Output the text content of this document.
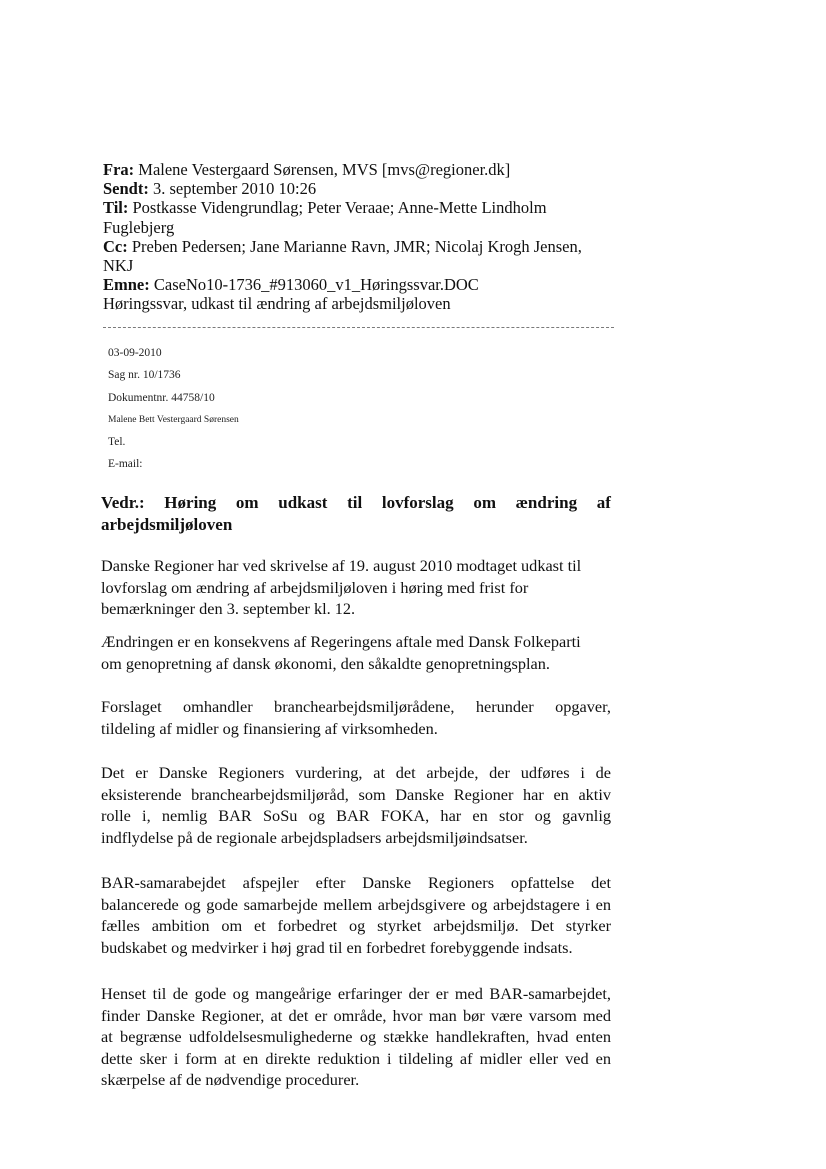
Fra: Malene Vestergaard Sørensen, MVS [mvs@regioner.dk]

Sendt: 3. september 2010 10:26

Til: Postkasse Videngrundlag; Peter Veraae; Anne-Mette Lindholm
Fuglebjerg

Cc: Preben Pedersen; Jane Marianne Ravn, JMR; Nicolaj Krogh Jensen,
NKJ

Emne: CaseNo10-1736_#913060_v1_Høringssvar.DOC

Høringssvar, udkast til ændring af arbejdsmiljøloven

03-09-2010
Sag nr. 10/1736
Dokumentnr. 44758/10
Malene Bett Vestergaard Sørensen
Tel.
E-mail:
Vedr.: Høring om udkast til lovforslag om ændring af
arbejdsmiljøloven
Danske Regioner har ved skrivelse af 19. august 2010 modtaget udkast til
lovforslag om ændring af arbejdsmiljøloven i høring med frist for
bemærkninger den 3. september kl. 12.
Ændringen er en konsekvens af Regeringens aftale med Dansk Folkeparti
om genopretning af dansk økonomi, den såkaldte genopretningsplan.
Forslaget omhandler branchearbejdsmiljørådene, herunder opgaver,
tildeling af midler og finansiering af virksomheden.
Det er Danske Regioners vurdering, at det arbejde, der udføres i de
eksisterende branchearbejdsmiljøråd, som Danske Regioner har en aktiv
rolle i, nemlig BAR SoSu og BAR FOKA, har en stor og gavnlig
indflydelse på de regionale arbejdspladsers arbejdsmiljøindsatser.
BAR-samarabejdet afspejler efter Danske Regioners opfattelse det
balancerede og gode samarbejde mellem arbejdsgivere og arbejdstagere i en
fælles ambition om et forbedret og styrket arbejdsmiljø. Det styrker
budskabet og medvirker i høj grad til en forbedret forebyggende indsats.
Henset til de gode og mangeårige erfaringer der er med BAR-samarbejdet,
finder Danske Regioner, at det er område, hvor man bør være varsom med
at begrænse udfoldelsesmulighederne og stække handlekraften, hvad enten
dette sker i form at en direkte reduktion i tildeling af midler eller ved en
skærpelse af de nødvendige procedurer.
